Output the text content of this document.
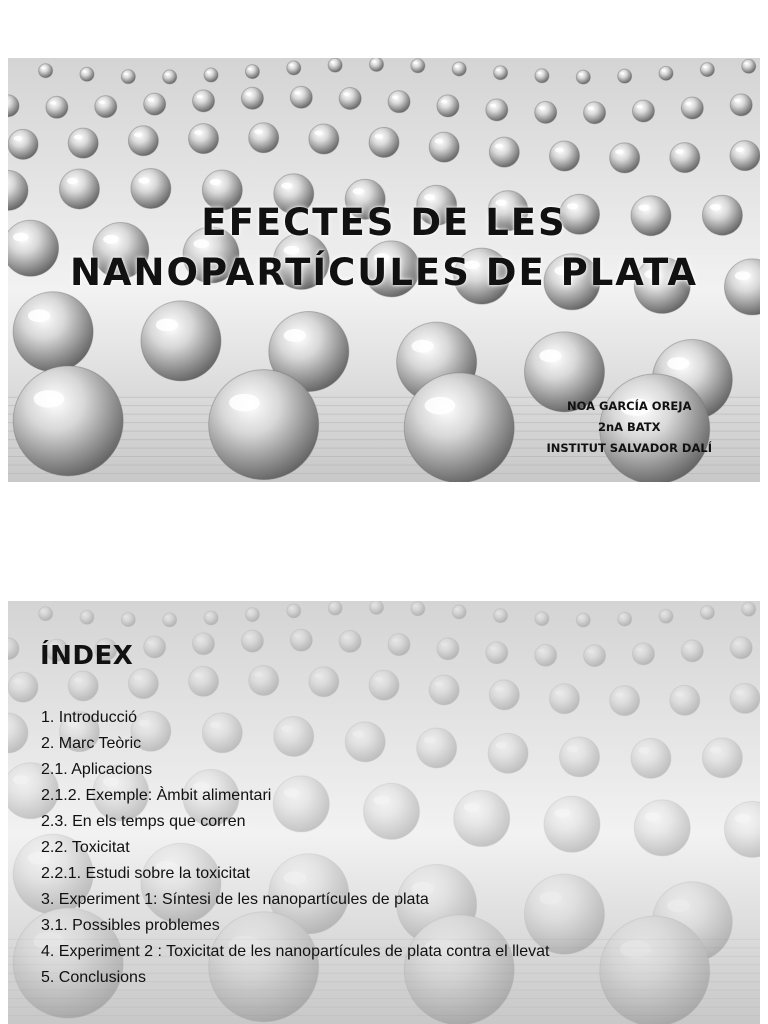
EFECTES DE LES
NANOPARTÍCULES DE PLATA
NOA GARCÍA OREJA
2nA BATX
INSTITUT SALVADOR DALÍ
ÍNDEX
1. Introducció
2. Marc Teòric
2.1. Aplicacions
2.1.2. Exemple: Àmbit alimentari
2.3. En els temps que corren
2.2. Toxicitat
2.2.1. Estudi sobre la toxicitat
3. Experiment 1: Síntesi de les nanopartícules de plata
3.1. Possibles problemes
4. Experiment 2 : Toxicitat de les nanopartícules de plata contra el llevat
5. Conclusions
